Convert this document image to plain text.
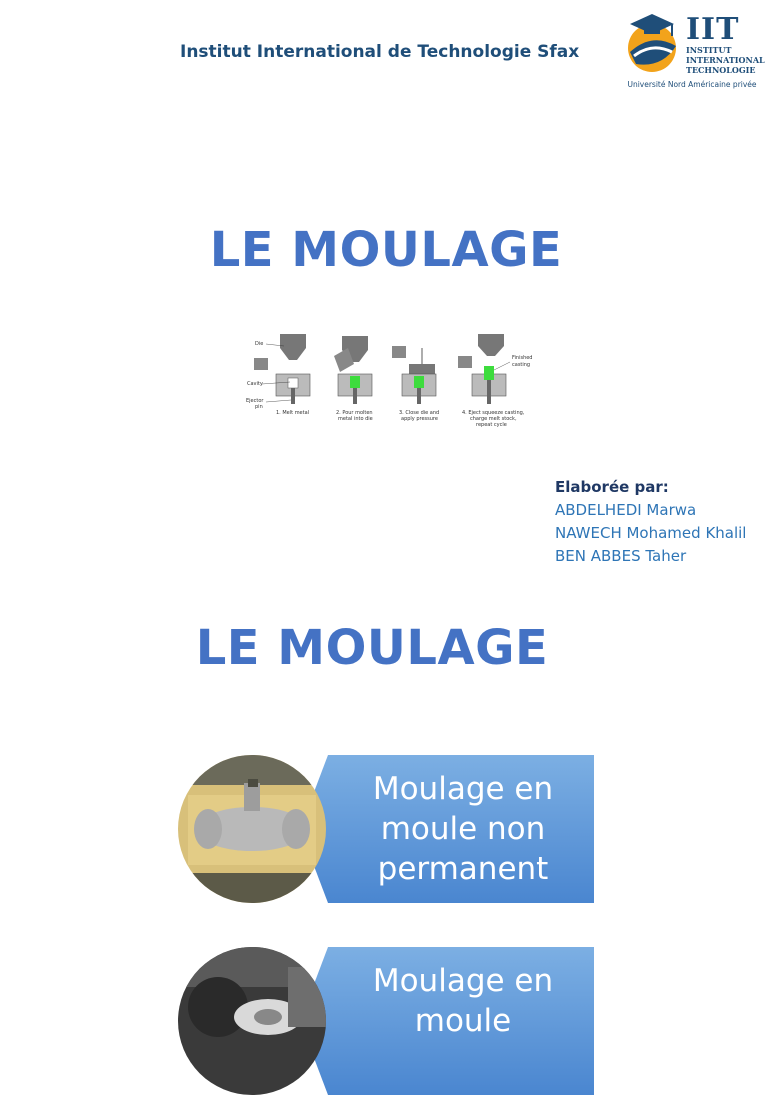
Institut International de Technologie Sfax
IIT
INSTITUT
INTERNATIONAL
TECHNOLOGIE
Université Nord Américaine privée
LE MOULAGE
Die
Cavity
Ejector
pin
1. Melt metal	2. Pour molten
metal into die
3. Close die and
apply pressure
Finished
casting
4. Eject squeeze casting,
charge melt stock,
repeat cycle
Elaborée par:
ABDELHEDI Marwa
NAWECH Mohamed Khalil
BEN ABBES Taher
LE MOULAGE
Moulage en
moule non
permanent
Moulage en
moule
